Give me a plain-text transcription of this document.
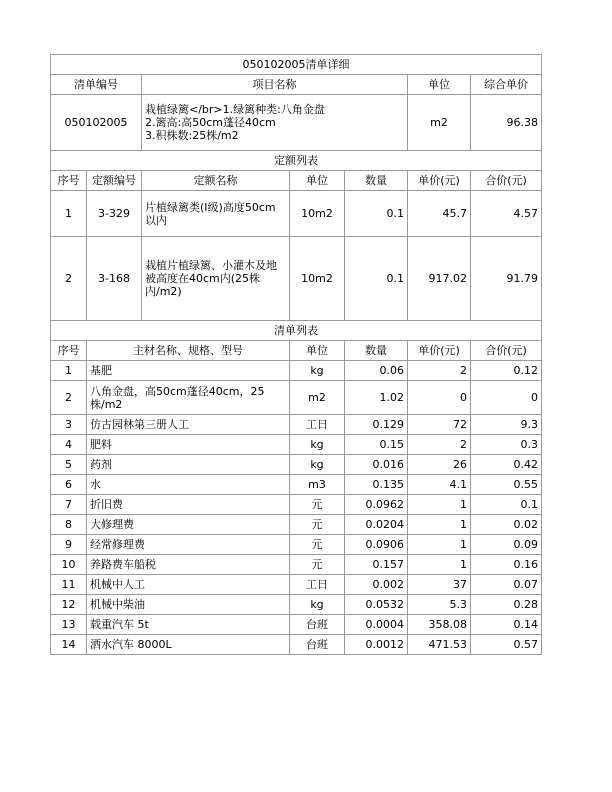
050102005清单详细						
清单编号		项目名称			单位	综合单价
050102005		栽植绿篱</br>1.绿篱种类:八角金盘
2.篱高:高50cm蓬径40cm
3.积株数:25株/m2			m2	96.38
定额列表						
序号	定额编号	定额名称	单位	数量	单价(元)	合价(元)
1	3-329	片植绿篱类(Ⅰ级)高度50cm以内	10m2	0.1	45.7	4.57
2	3-168	栽植片植绿篱、小灌木及地被高度在40cm内(25株内/m2)	10m2	0.1	917.02	91.79
清单列表						
序号	主材名称、规格、型号		单位	数量	单价(元)	合价(元)
1	基肥		kg	0.06	2	0.12
2	八角金盘，高50cm蓬径40cm，25株/m2		m2	1.02	0	0
3	仿古园林第三册人工		工日	0.129	72	9.3
4	肥料		kg	0.15	2	0.3
5	药剂		kg	0.016	26	0.42
6	水		m3	0.135	4.1	0.55
7	折旧费		元	0.0962	1	0.1
8	大修理费		元	0.0204	1	0.02
9	经常修理费		元	0.0906	1	0.09
10	养路费车船税		元	0.157	1	0.16
11	机械中人工		工日	0.002	37	0.07
12	机械中柴油		kg	0.0532	5.3	0.28
13	载重汽车 5t		台班	0.0004	358.08	0.14
14	洒水汽车 8000L		台班	0.0012	471.53	0.57
